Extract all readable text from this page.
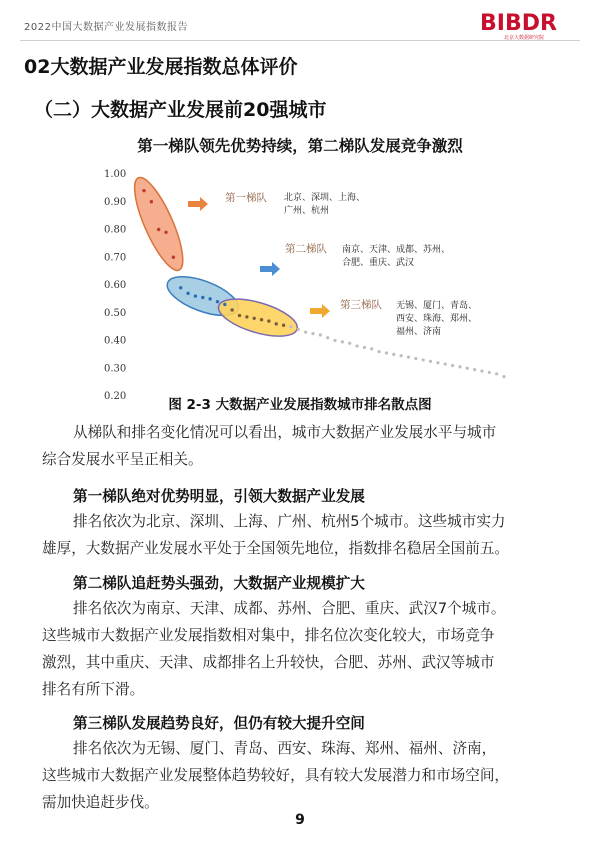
2022中国大数据产业发展指数报告	BIBDR
北京大数据研究院
02大数据产业发展指数总体评价
（二）大数据产业发展前20强城市
第一梯队领先优势持续，第二梯队发展竞争激烈
1.00
0.90
0.80
0.70
0.60
0.50
0.40
0.30
0.20
第一梯队 北京、深圳、上海、
广州、杭州
第二梯队 南京、天津、成都、苏州、
合肥、重庆、武汉
第三梯队 无锡、厦门、青岛、
西安、珠海、郑州、
福州、济南
图 2-3 大数据产业发展指数城市排名散点图
从梯队和排名变化情况可以看出，城市大数据产业发展水平与城市
综合发展水平呈正相关。
第一梯队绝对优势明显，引领大数据产业发展
排名依次为北京、深圳、上海、广州、杭州5个城市。这些城市实力
雄厚，大数据产业发展水平处于全国领先地位，指数排名稳居全国前五。
第二梯队追赶势头强劲，大数据产业规模扩大
排名依次为南京、天津、成都、苏州、合肥、重庆、武汉7个城市。
这些城市大数据产业发展指数相对集中，排名位次变化较大，市场竞争
激烈，其中重庆、天津、成都排名上升较快，合肥、苏州、武汉等城市
排名有所下滑。
第三梯队发展趋势良好，但仍有较大提升空间
排名依次为无锡、厦门、青岛、西安、珠海、郑州、福州、济南，
这些城市大数据产业发展整体趋势较好，具有较大发展潜力和市场空间，
需加快追赶步伐。
9
